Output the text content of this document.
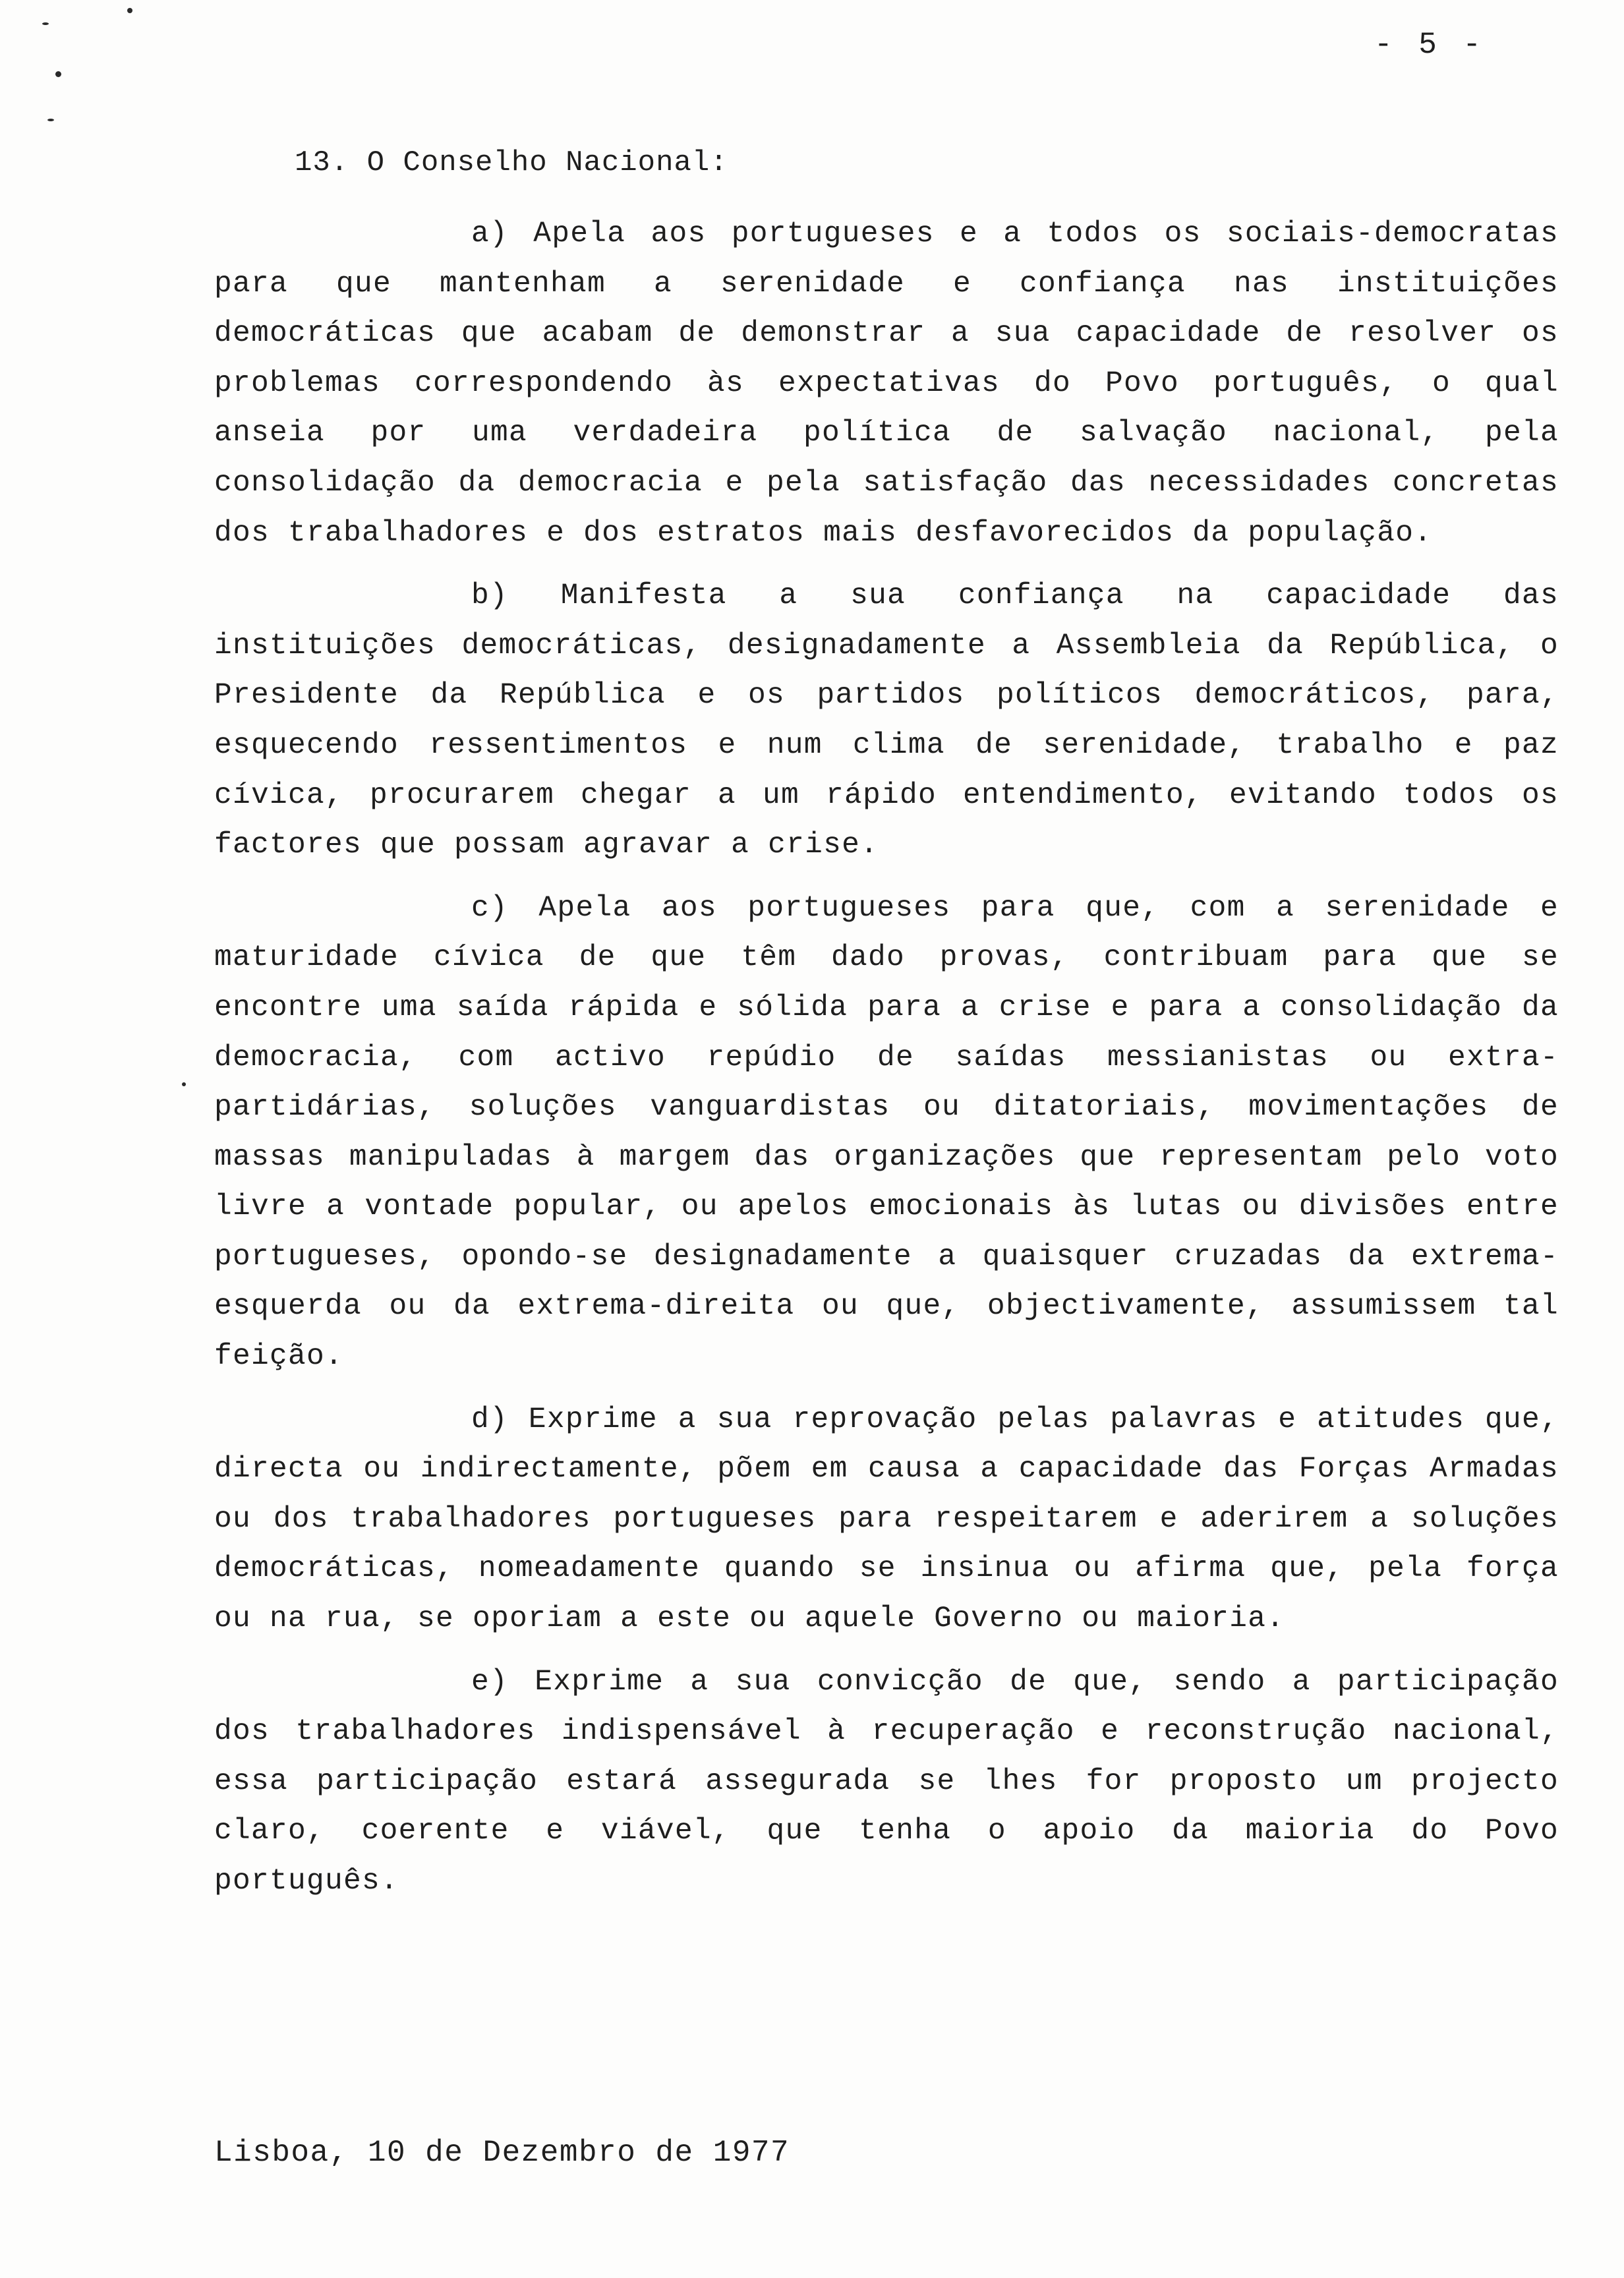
- 5 -
13. O Conselho Nacional:

a) Apela aos portugueses e a todos os sociais-democratas para que mantenham a serenidade e confiança nas instituições democráticas que acabam de demonstrar a sua capacidade de resolver os problemas correspondendo às expectativas do Povo português, o qual anseia por uma verdadeira política de salvação nacional, pela consolidação da democracia e pela satisfação das necessidades concretas dos trabalhadores e dos estratos mais desfavorecidos da população.

b) Manifesta a sua confiança na capacidade das instituições democráticas, designadamente a Assembleia da República, o Presidente da República e os partidos políticos democráticos, para, esquecendo ressentimentos e num clima de serenidade, trabalho e paz cívica, procurarem chegar a um rápido entendimento, evitando todos os factores que possam agravar a crise.

c) Apela aos portugueses para que, com a serenidade e maturidade cívica de que têm dado provas, contribuam para que se encontre uma saída rápida e sólida para a crise e para a consolidação da democracia, com activo repúdio de saídas messianistas ou extra-partidárias, soluções vanguardistas ou ditatoriais, movimentações de massas manipuladas à margem das organizações que representam pelo voto livre a vontade popular, ou apelos emocionais às lutas ou divisões entre portugueses, opondo-se designadamente a quaisquer cruzadas da extrema-esquerda ou da extrema-direita ou que, objectivamente, assumissem tal feição.

d) Exprime a sua reprovação pelas palavras e atitudes que, directa ou indirectamente, põem em causa a capacidade das Forças Armadas ou dos trabalhadores portugueses para respeitarem e aderirem a soluções democráticas, nomeadamente quando se insinua ou afirma que, pela força ou na rua, se oporiam a este ou aquele Governo ou maioria.

e) Exprime a sua convicção de que, sendo a participação dos trabalhadores indispensável à recuperação e reconstrução nacional, essa participação estará assegurada se lhes for proposto um projecto claro, coerente e viável, que tenha o apoio da maioria do Povo português.

Lisboa, 10 de Dezembro de 1977
